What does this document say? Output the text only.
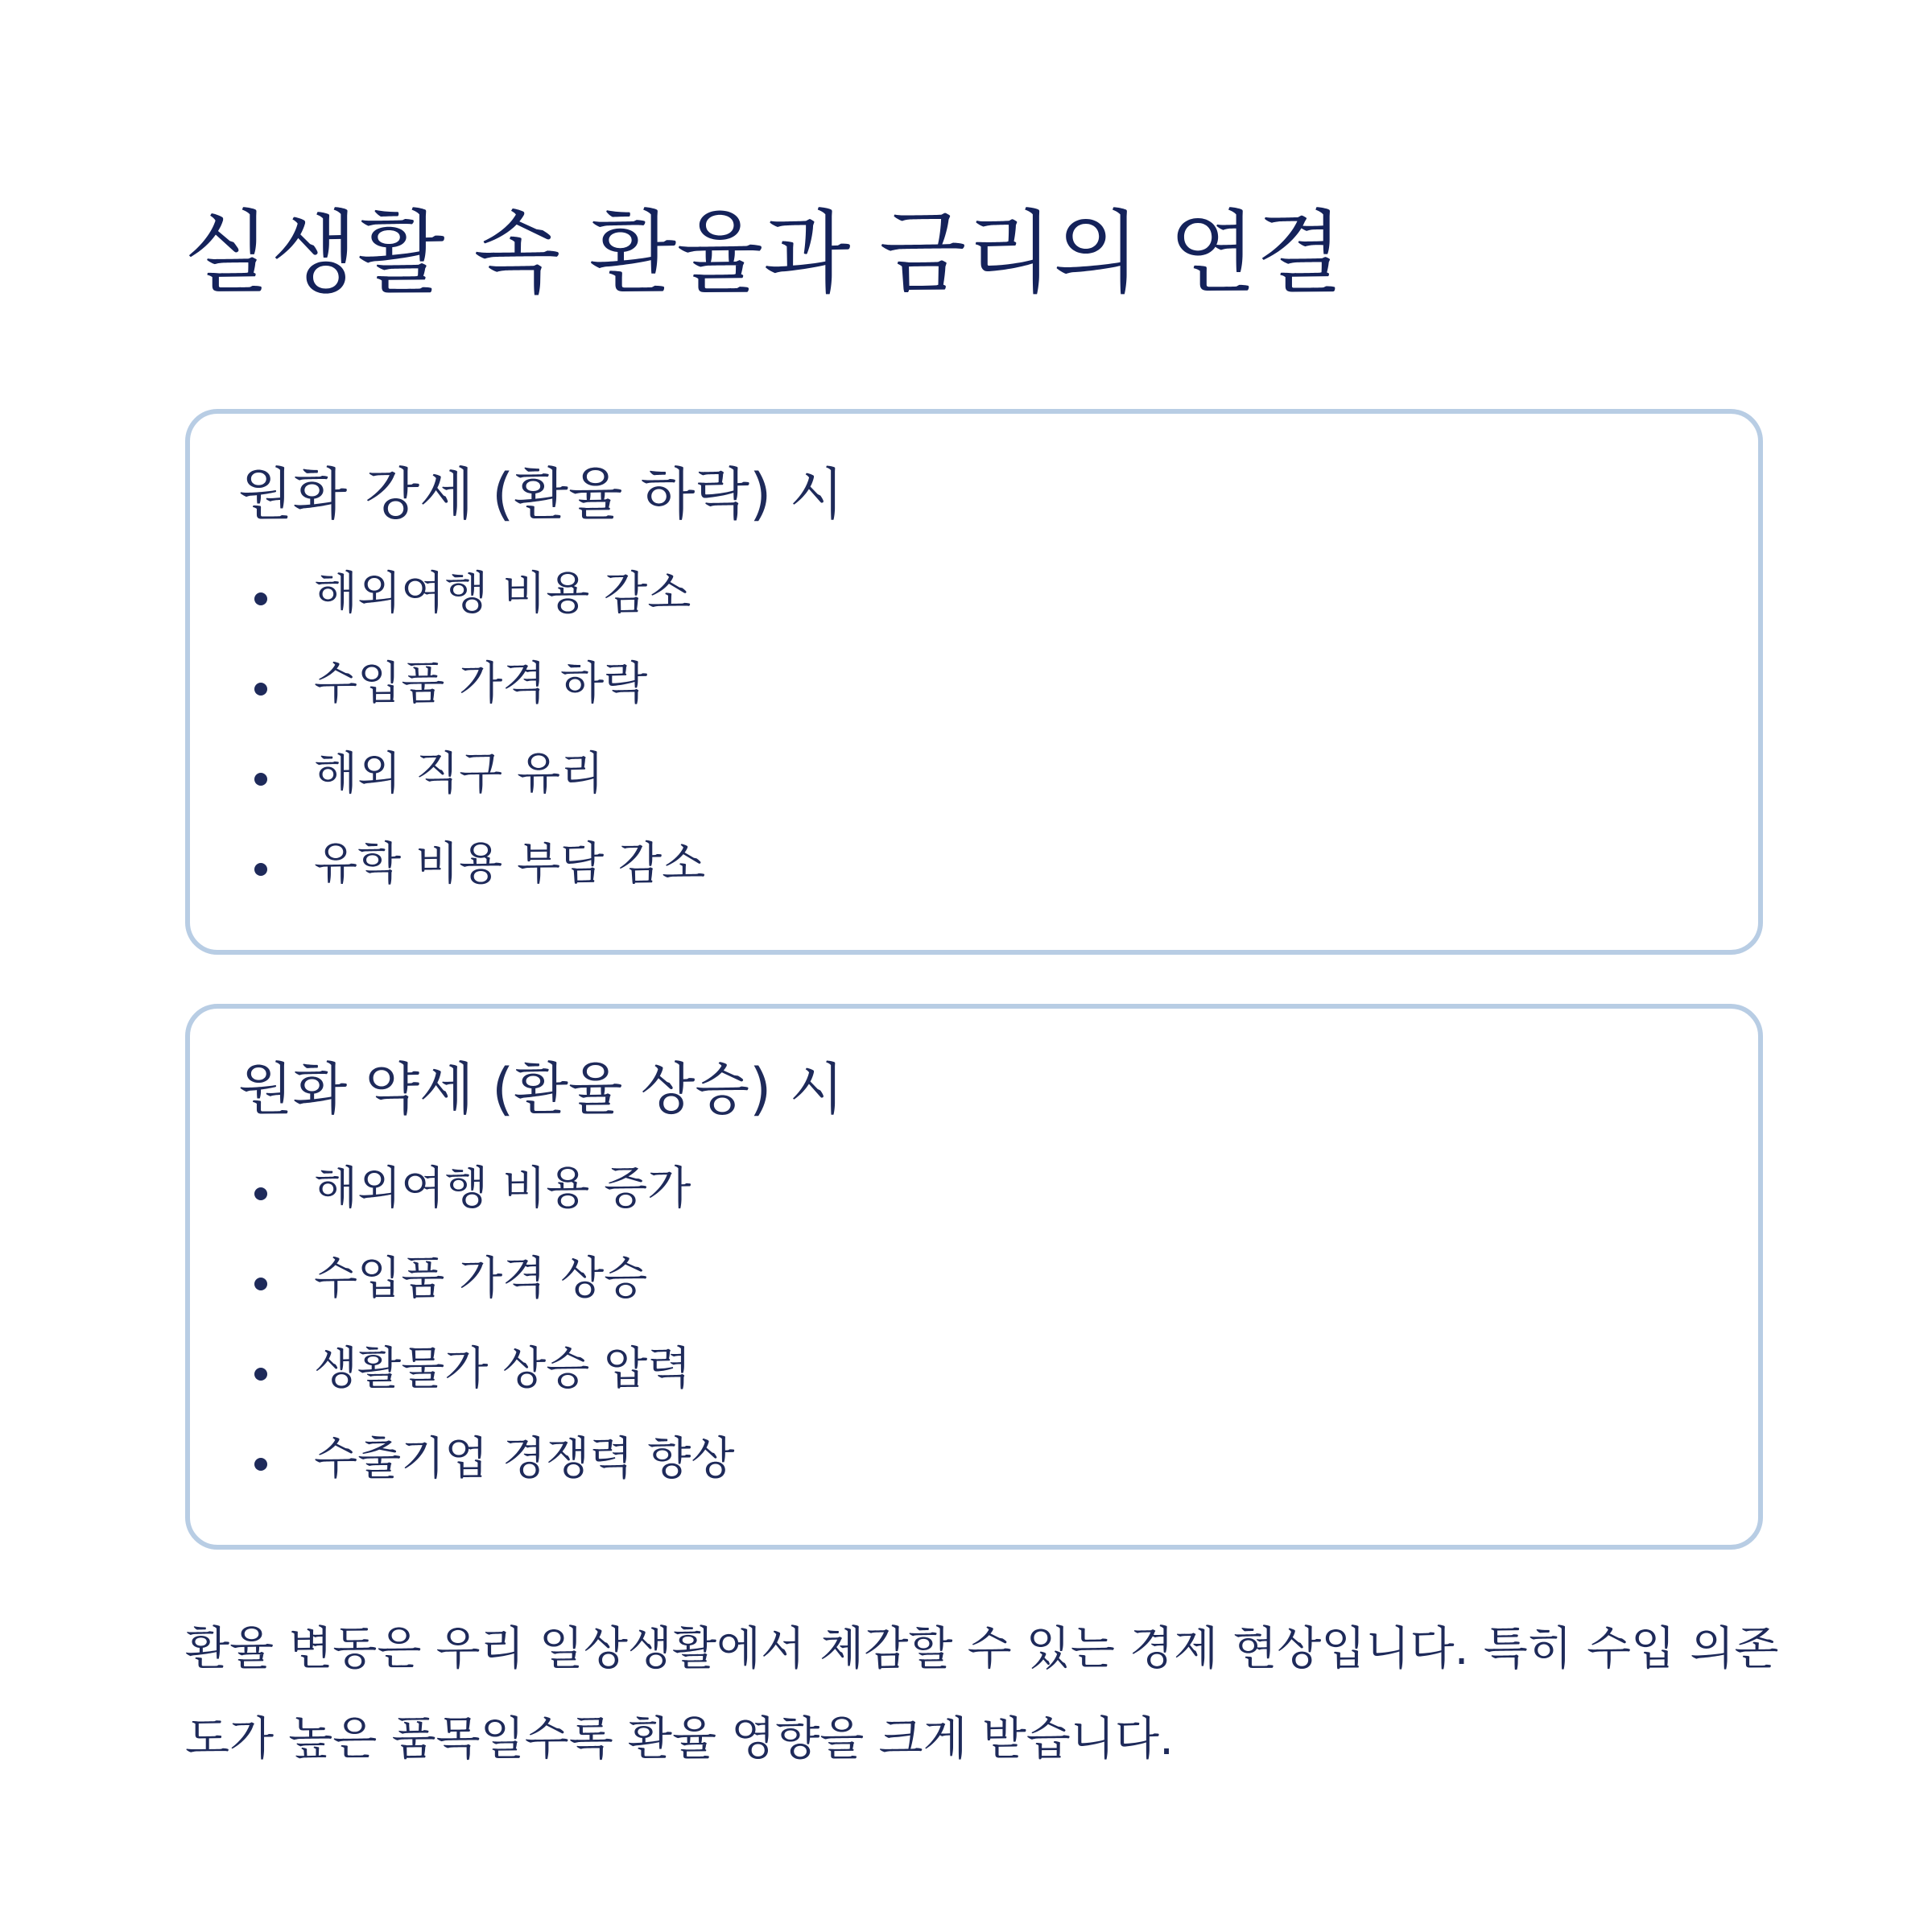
실생활 속 환율과 금리의 연결
원화 강세 (환율 하락) 시
해외여행 비용 감소
수입품 가격 하락
해외 직구 유리
유학 비용 부담 감소
원화 약세 (환율 상승) 시
해외여행 비용 증가
수입품 가격 상승
생활물가 상승 압력
수출기업 경쟁력 향상

환율 변동은 우리 일상생활에서 체감할 수 있는 경제 현상입니다. 특히 수입 의존도가 높은 품목일수록 환율 영향을 크게 받습니다.
